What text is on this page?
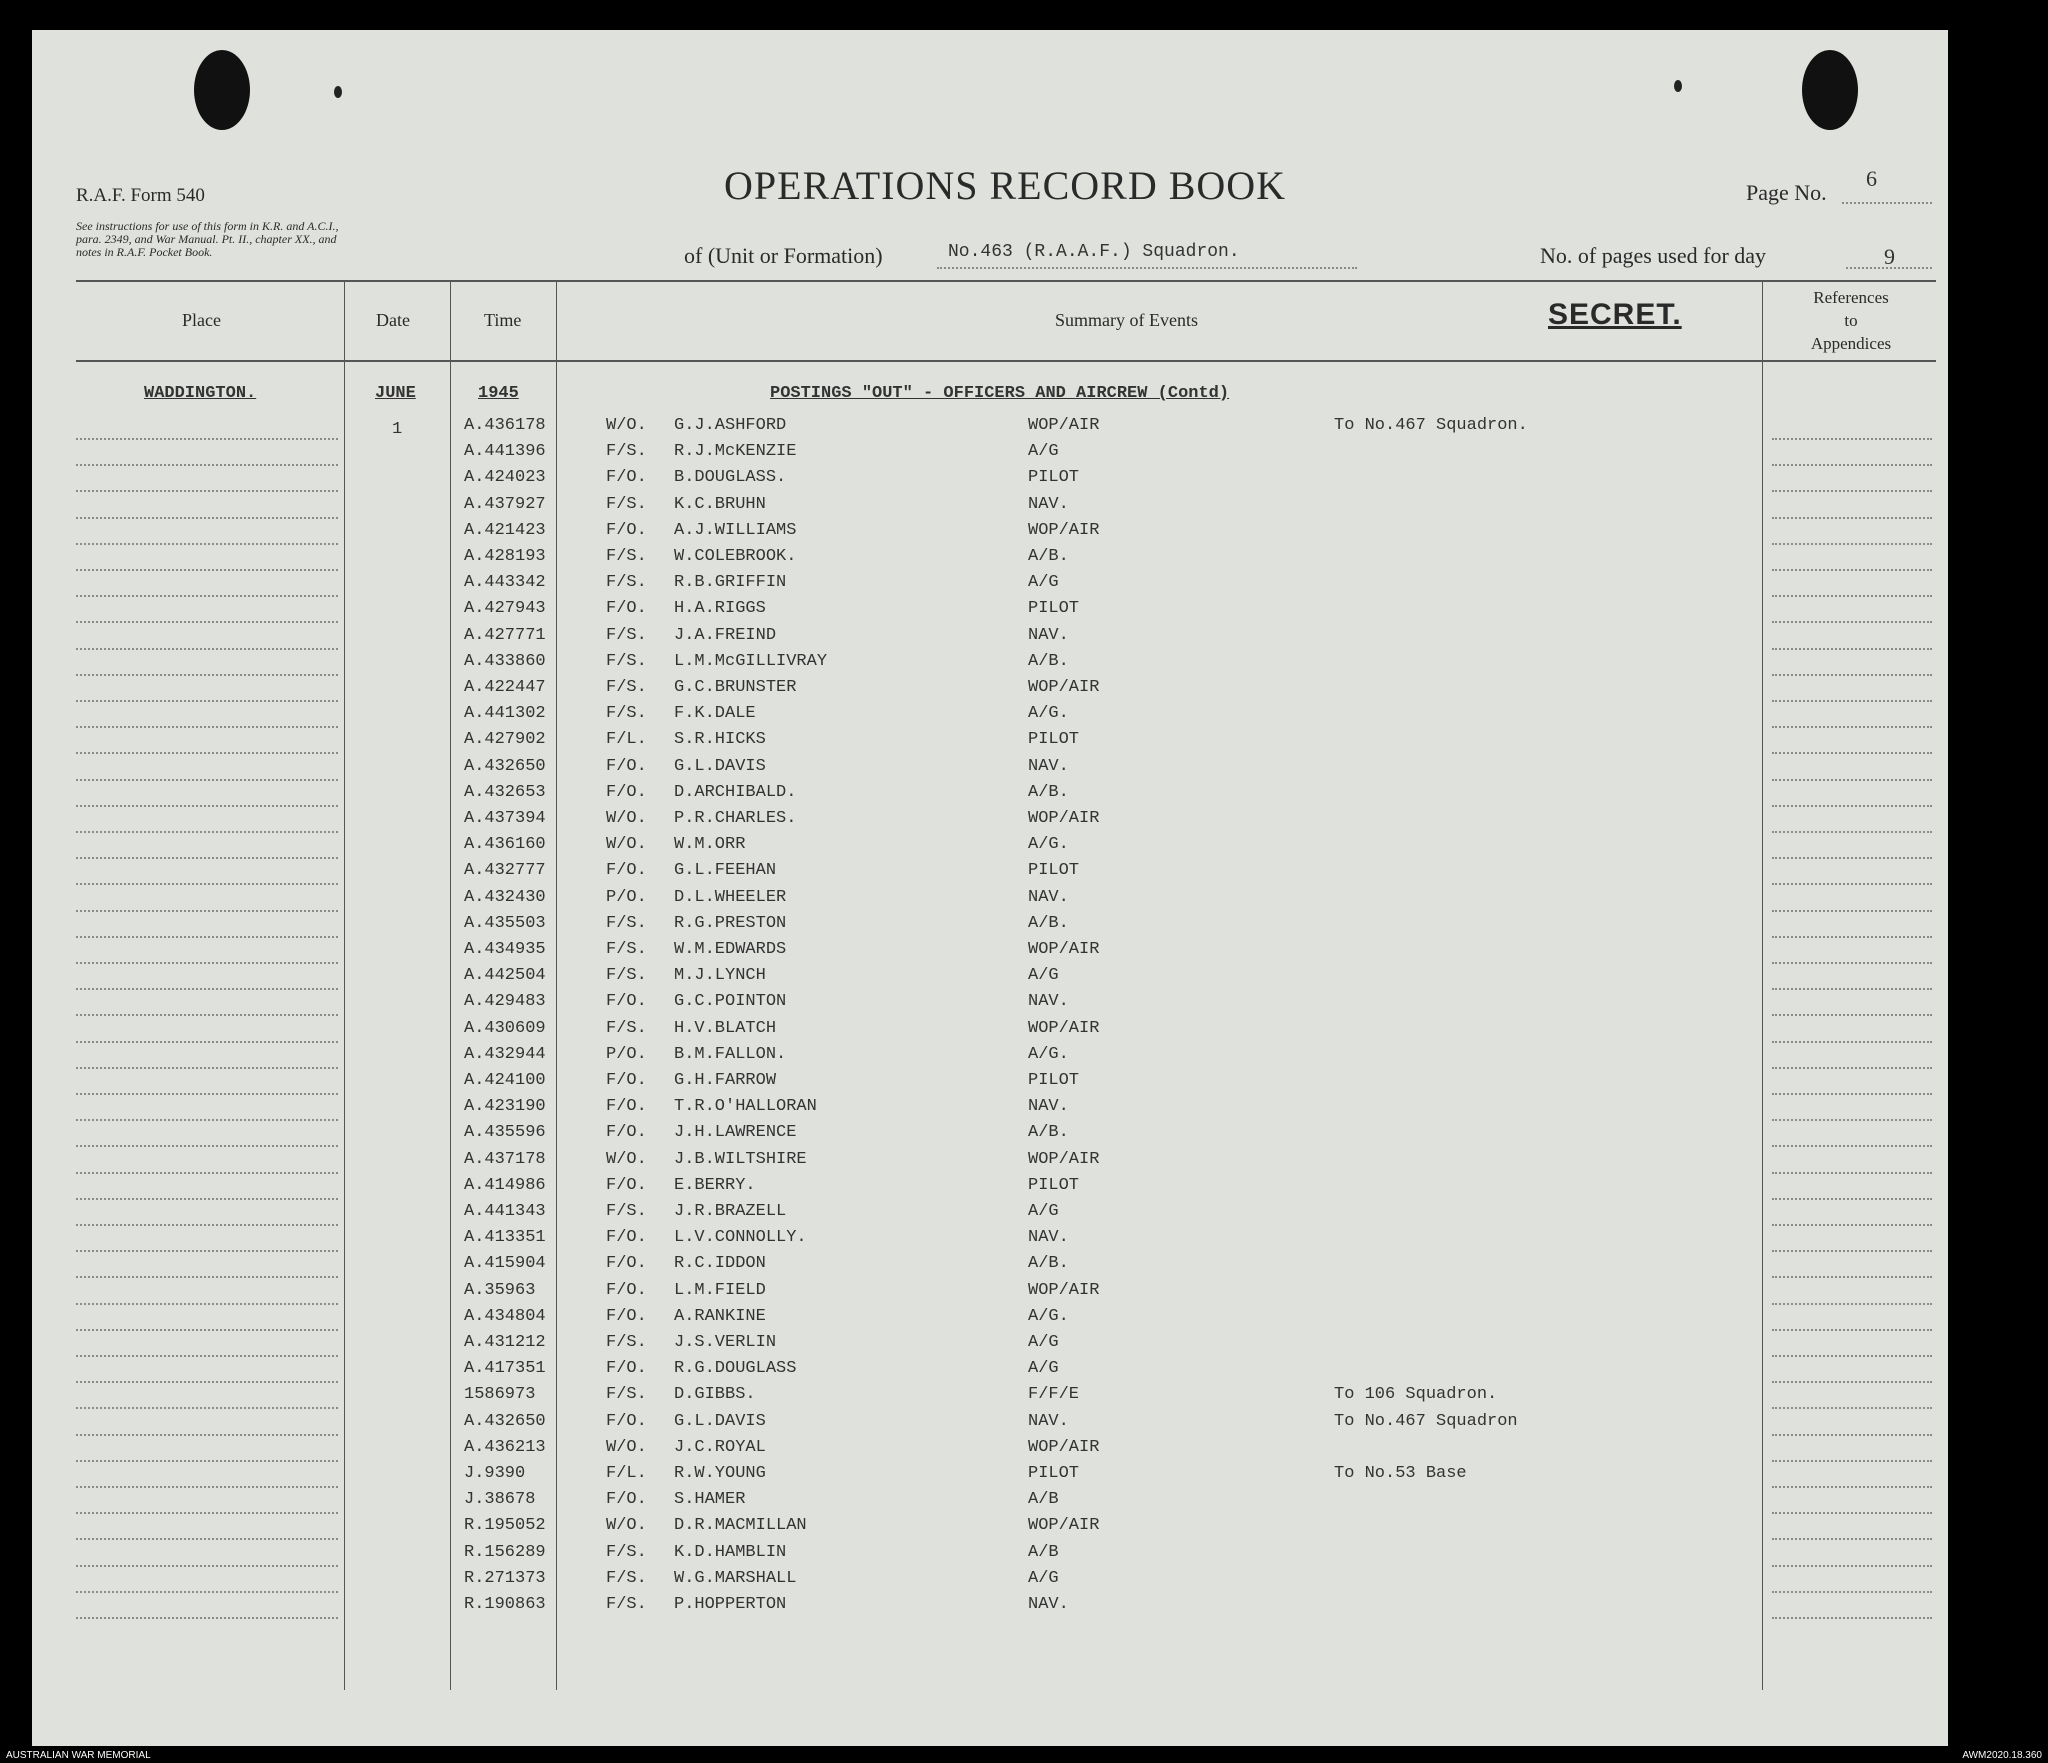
R.A.F. Form 540
See instructions for use of this form in K.R. and A.C.I.,
para. 2349, and War Manual. Pt. II., chapter XX., and
notes in R.A.F. Pocket Book.
OPERATIONS RECORD BOOK	Page No.
6
of (Unit or Formation)	No.463 (R.A.A.F.) Squadron.	No. of pages used for day	9
Place	Date	Time	Summary of Events	SECRET.
References
to
Appendices
WADDINGTON.	JUNE	1945	POSTINGS "OUT" - OFFICERS AND AIRCREW (Contd)
1	A.436178	W/O. G.J.ASHFORD	WOP/AIR	To No.467 Squadron.
A.441396	F/S. R.J.McKENZIE	A/G
A.424023	F/O. B.DOUGLASS.	PILOT
A.437927	F/S. K.C.BRUHN	NAV.
A.421423	F/O. A.J.WILLIAMS	WOP/AIR
A.428193	F/S. W.COLEBROOK.	A/B.
A.443342	F/S. R.B.GRIFFIN	A/G
A.427943	F/O. H.A.RIGGS	PILOT
A.427771	F/S. J.A.FREIND	NAV.
A.433860	F/S. L.M.McGILLIVRAY	A/B.
A.422447	F/S. G.C.BRUNSTER	WOP/AIR
A.441302	F/S. F.K.DALE	A/G.
A.427902	F/L. S.R.HICKS	PILOT
A.432650	F/O. G.L.DAVIS	NAV.
A.432653	F/O. D.ARCHIBALD.	A/B.
A.437394	W/O. P.R.CHARLES.	WOP/AIR
A.436160	W/O. W.M.ORR	A/G.
A.432777	F/O. G.L.FEEHAN	PILOT
A.432430	P/O. D.L.WHEELER	NAV.
A.435503	F/S. R.G.PRESTON	A/B.
A.434935	F/S. W.M.EDWARDS	WOP/AIR
A.442504	F/S. M.J.LYNCH	A/G
A.429483	F/O. G.C.POINTON	NAV.
A.430609	F/S. H.V.BLATCH	WOP/AIR
A.432944	P/O. B.M.FALLON.	A/G.
A.424100	F/O. G.H.FARROW	PILOT
A.423190	F/O. T.R.O'HALLORAN	NAV.
A.435596	F/O. J.H.LAWRENCE	A/B.
A.437178	W/O. J.B.WILTSHIRE	WOP/AIR
A.414986	F/O. E.BERRY.	PILOT
A.441343	F/S. J.R.BRAZELL	A/G
A.413351	F/O. L.V.CONNOLLY.	NAV.
A.415904	F/O. R.C.IDDON	A/B.
A.35963	F/O. L.M.FIELD	WOP/AIR
A.434804	F/O. A.RANKINE	A/G.
A.431212	F/S. J.S.VERLIN	A/G
A.417351	F/O. R.G.DOUGLASS	A/G
1586973	F/S. D.GIBBS.	F/F/E	To 106 Squadron.
A.432650	F/O. G.L.DAVIS	NAV.	To No.467 Squadron
A.436213	W/O. J.C.ROYAL	WOP/AIR
J.9390	F/L. R.W.YOUNG	PILOT	To No.53 Base
J.38678	F/O. S.HAMER	A/B
R.195052	W/O. D.R.MACMILLAN	WOP/AIR
R.156289	F/S. K.D.HAMBLIN	A/B
R.271373	F/S. W.G.MARSHALL	A/G
R.190863	F/S. P.HOPPERTON	NAV.
AUSTRALIAN WAR MEMORIAL	AWM2020.18.360
